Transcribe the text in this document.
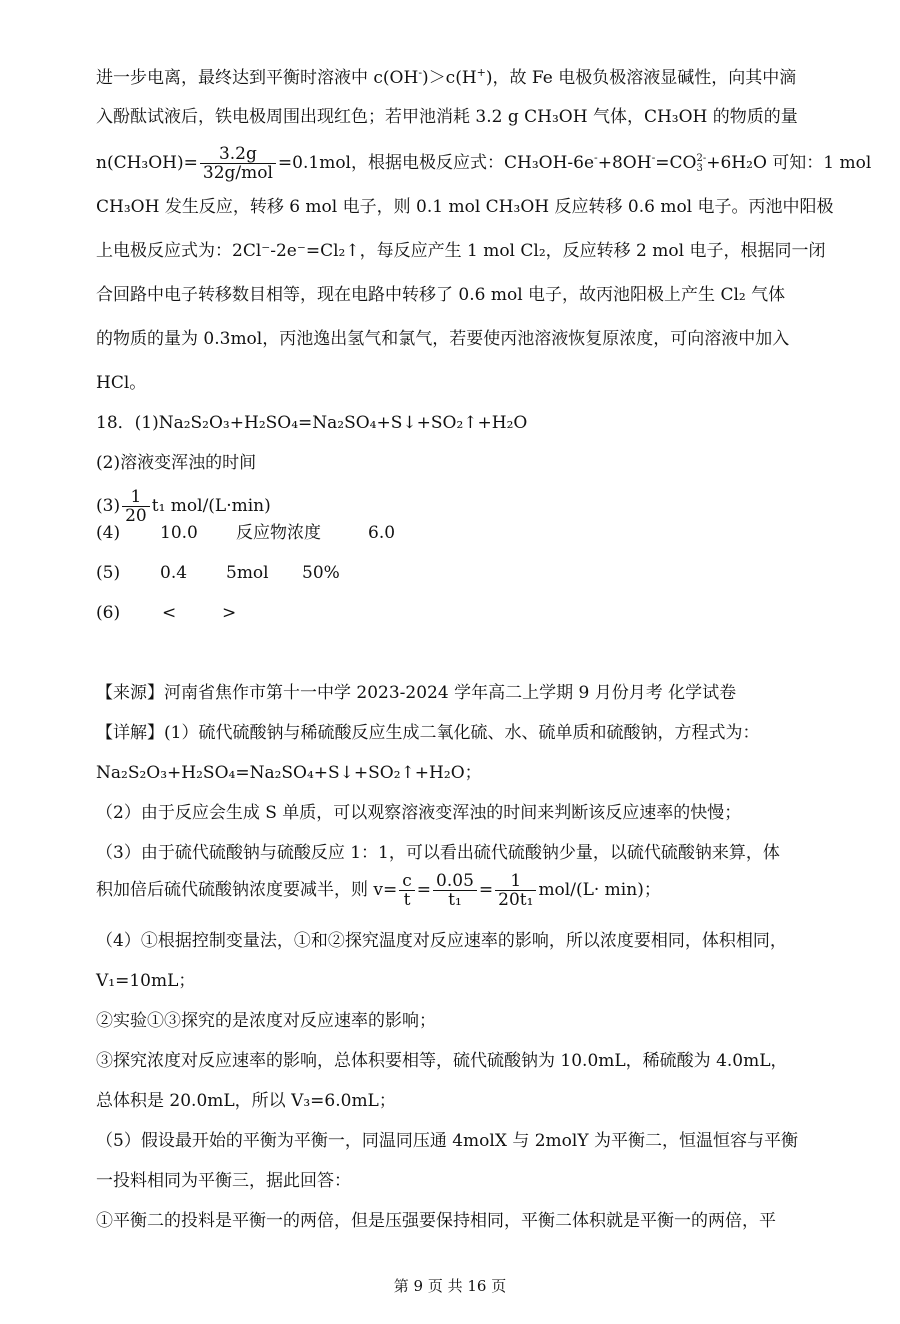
进一步电离，最终达到平衡时溶液中 c(OH-)＞c(H+)，故 Fe 电极负极溶液显碱性，向其中滴
入酚酞试液后，铁电极周围出现红色；若甲池消耗 3.2 g CH₃OH 气体，CH₃OH 的物质的量
$n(CH_3OH)= \frac{3.2g}{\text{32g/mol}} =0.1mol$，根据电极反应式：CH₃OH-6e-+8OH-=CO 2-
3 +6H₂O 可知：1 mol
CH₃OH 发生反应，转移 6 mol 电子，则 0.1 mol CH₃OH 反应转移 0.6 mol 电子。丙池中阳极
上电极反应式为：2Cl⁻-2e⁻=Cl₂↑，每反应产生 1 mol Cl₂，反应转移 2 mol 电子，根据同一闭
合回路中电子转移数目相等，现在电路中转移了 0.6 mol 电子，故丙池阳极上产生 Cl₂ 气体
的物质的量为 0.3mol，丙池逸出氢气和氯气，若要使丙池溶液恢复原浓度，可向溶液中加入
HCl。
18．(1)Na₂S₂O₃+H₂SO₄=Na₂SO₄+S↓+SO₂↑+H₂O
(2)溶液变浑浊的时间
$(3) \frac{1}{20} t_1$ mol/(L·min)
(4) 10.0 反应物浓度	6.0
(5) 0.4 5mol 50%
(6) <	>
【来源】河南省焦作市第十一中学 2023-2024 学年高二上学期 9 月份月考 化学试卷
【详解】(1）硫代硫酸钠与稀硫酸反应生成二氧化硫、水、硫单质和硫酸钠，方程式为：
Na₂S₂O₃+H₂SO₄=Na₂SO₄+S↓+SO₂↑+H₂O；
（2）由于反应会生成 S 单质，可以观察溶液变浑浊的时间来判断该反应速率的快慢；
（3）由于硫代硫酸钠与硫酸反应 1：1，可以看出硫代硫酸钠少量，以硫代硫酸钠来算，体
积加倍后硫代硫酸钠浓度要减半，则 $v= \frac{c}{t} = \frac{0.05}{\text{t₁}} = \frac{1}{\text{20t₁}} mol/(L\cdot \min)$；
（4）①根据控制变量法，①和②探究温度对反应速率的影响，所以浓度要相同，体积相同，
V₁=10mL；
②实验①③探究的是浓度对反应速率的影响；
③探究浓度对反应速率的影响，总体积要相等，硫代硫酸钠为 10.0mL，稀硫酸为 4.0mL，
总体积是 20.0mL，所以 V₃=6.0mL；
（5）假设最开始的平衡为平衡一，同温同压通 4molX 与 2molY 为平衡二，恒温恒容与平衡
一投料相同为平衡三，据此回答：
①平衡二的投料是平衡一的两倍，但是压强要保持相同，平衡二体积就是平衡一的两倍，平
第 9 页 共 16 页
